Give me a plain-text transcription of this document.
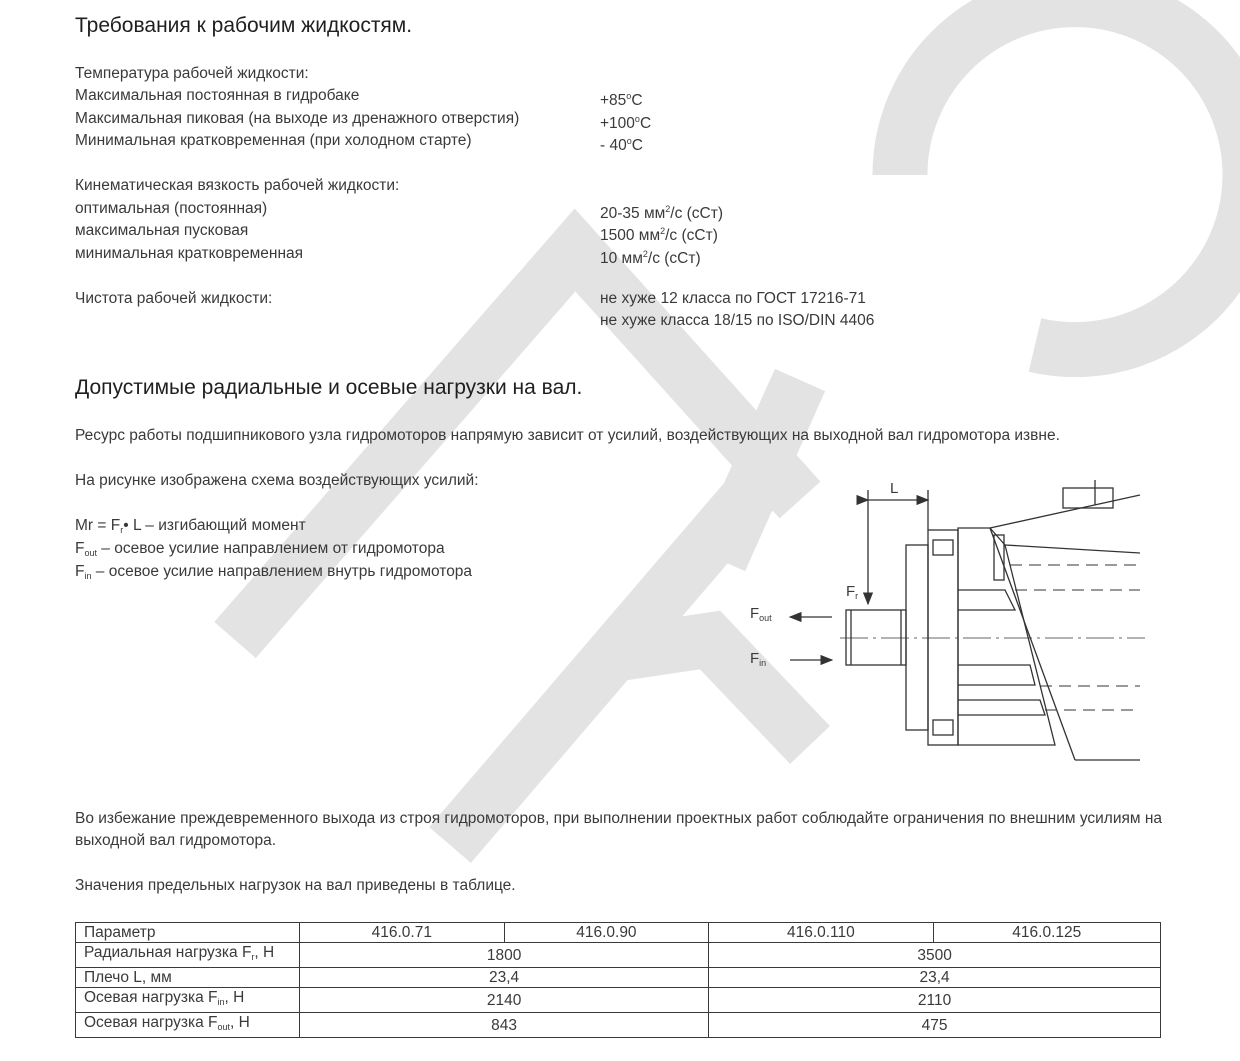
Требования к рабочим жидкостям.
Температура рабочей жидкости:
Максимальная постоянная в гидробаке	$+85^oC$
Максимальная пиковая (на выходе из дренажного отверстия)	$+100^oC$
Минимальная кратковременная (при холодном старте)	- 40$^o$C
Кинематическая вязкость рабочей жидкости:
оптимальная (постоянная)	20-35 $мм^2/с$ (сСт)
максимальная пусковая	1500 $мм^2/с$ (сСт)
минимальная кратковременная	10 $мм^2/с$ (сСт)
Чистота рабочей жидкости:	не хуже 12 класса по ГОСТ 17216-71
не хуже класса 18/15 по ISO/DIN 4406
Допустимые радиальные и осевые нагрузки на вал.
Ресурс работы подшипникового узла гидромоторов напрямую зависит от усилий, воздействующих на выходной вал гидромотора извне.
На рисунке изображена схема воздействующих усилий:
$Mr = F_r•$ L – изгибающий момент
$F_{out}$ – осевое усилие направлением от гидромотора
$F_{in}$ – осевое усилие направлением внутрь гидромотора
L
$F_r$
$F_{out}$
$F_{in}$
Во избежание преждевременного выхода из строя гидромоторов, при выполнении проектных работ соблюдайте ограничения по внешним усилиям на выходной вал гидромотора.
Значения предельных нагрузок на вал приведены в таблице.
Параметр	416.0.71	416.0.90	416.0.110	416.0.125
Радиальная нагрузка $F_r$, Н	1800		3500	
Плечо L, мм	23,4		23,4	
Осевая нагрузка $F_{in}$, Н	2140		2110	
Осевая нагрузка $F_{out}$, Н	843		475	
